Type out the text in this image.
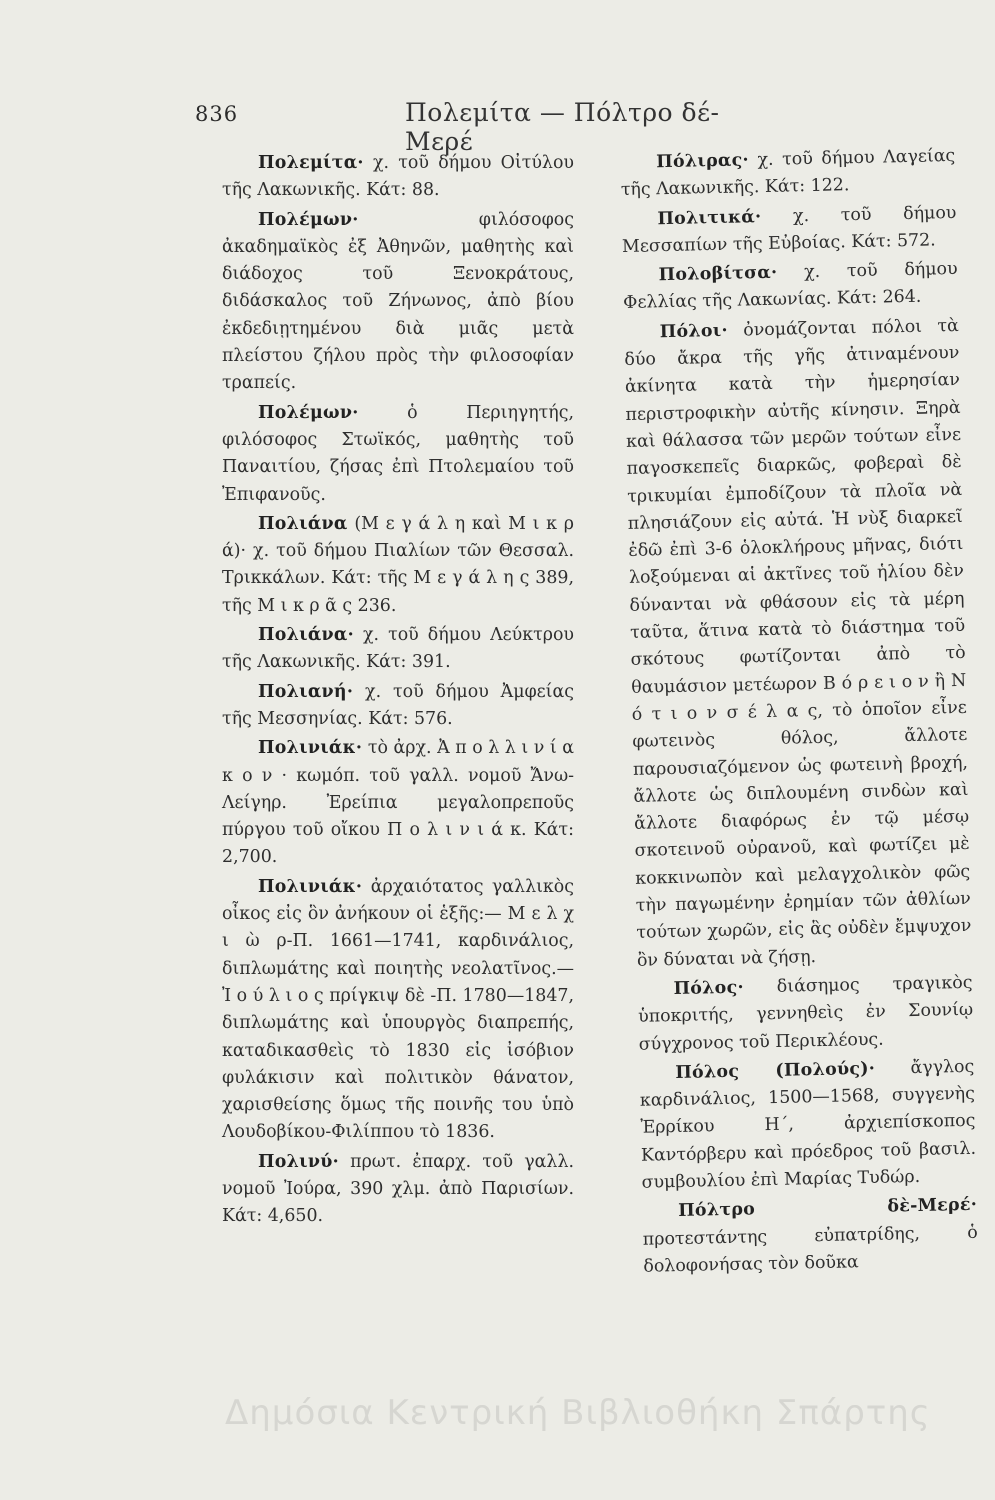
836	Πολεμίτα — Πόλτρο δέ-Μερέ

Πολεμίτα· χ. τοῦ δήμου Οἰτύλου τῆς Λακωνικῆς. Κάτ: 88.

Πολέμων· φιλόσοφος ἀκαδημαϊκὸς ἐξ Ἀθηνῶν, μαθητὴς καὶ διάδοχος τοῦ Ξενοκράτους, διδάσκαλος τοῦ Ζήνωνος, ἀπὸ βίου ἐκδεδιῃτημένου διὰ μιᾶς μετὰ πλείστου ζήλου πρὸς τὴν φιλοσοφίαν τραπείς.

Πολέμων· ὁ Περιηγητής, φιλόσοφος Στωϊκός, μαθητὴς τοῦ Παναιτίου, ζήσας ἐπὶ Πτολεμαίου τοῦ Ἐπιφανοῦς.

Πολιάνα (Μ ε γ ά λ η καὶ Μ ι κ ρ ά)· χ. τοῦ δήμου Πιαλίων τῶν Θεσσαλ. Τρικκάλων. Κάτ: τῆς Μ ε γ ά λ η ς 389, τῆς Μ ι κ ρ ᾶ ς 236.

Πολιάνα· χ. τοῦ δήμου Λεύκτρου τῆς Λακωνικῆς. Κάτ: 391.

Πολιανή· χ. τοῦ δήμου Ἀμφείας τῆς Μεσσηνίας. Κάτ: 576.

Πολινιάκ· τὸ ἀρχ. Ἀ π ο λ λ ι ν ί α κ ο ν · κωμόπ. τοῦ γαλλ. νομοῦ Ἄνω-Λείγηρ. Ἐρείπια μεγαλοπρεποῦς πύργου τοῦ οἴκου Π ο λ ι ν ι ά κ. Κάτ: 2,700.

Πολινιάκ· ἀρχαιότατος γαλλικὸς οἶκος εἰς ὃν ἀνήκουν οἱ ἑξῆς:— Μ ε λ χ ι ὼ ρ-Π. 1661—1741, καρδινάλιος, διπλωμάτης καὶ ποιητὴς νεολατῖνος.—Ἰ ο ύ λ ι ο ς πρίγκιψ δὲ -Π. 1780—1847, διπλωμάτης καὶ ὑπουργὸς διαπρεπής, καταδικασθεὶς τὸ 1830 εἰς ἰσόβιον φυλάκισιν καὶ πολιτικὸν θάνατον, χαρισθείσης ὅμως τῆς ποινῆς του ὑπὸ Λουδοβίκου-Φιλίππου τὸ 1836.

Πολινύ· πρωτ. ἐπαρχ. τοῦ γαλλ. νομοῦ Ἰούρα, 390 χλμ. ἀπὸ Παρισίων. Κάτ: 4,650.

Πόλιρας· χ. τοῦ δήμου Λαγείας τῆς Λακωνικῆς. Κάτ: 122.

Πολιτικά· χ. τοῦ δήμου Μεσσαπίων τῆς Εὐβοίας. Κάτ: 572.

Πολοβίτσα· χ. τοῦ δήμου Φελλίας τῆς Λακωνίας. Κάτ: 264.

Πόλοι· ὀνομάζονται πόλοι τὰ δύο ἄκρα τῆς γῆς ἀτιναμένουν ἀκίνητα κατὰ τὴν ἡμερησίαν περιστροφικὴν αὐτῆς κίνησιν. Ξηρὰ καὶ θάλασσα τῶν μερῶν τούτων εἶνε παγοσκεπεῖς διαρκῶς, φοβεραὶ δὲ τρικυμίαι ἐμποδίζουν τὰ πλοῖα νὰ πλησιάζουν εἰς αὐτά. Ἡ νὺξ διαρκεῖ ἐδῶ ἐπὶ 3-6 ὁλοκλήρους μῆνας, διότι λοξούμεναι αἱ ἀκτῖνες τοῦ ἡλίου δὲν δύνανται νὰ φθάσουν εἰς τὰ μέρη ταῦτα, ἅτινα κατὰ τὸ διάστημα τοῦ σκότους φωτίζονται ἀπὸ τὸ θαυμάσιον μετέωρον Β ό ρ ε ι ο ν ἢ Ν ό τ ι ο ν σ έ λ α ς, τὸ ὁποῖον εἶνε φωτεινὸς θόλος, ἄλλοτε παρουσιαζόμενον ὡς φωτεινὴ βροχή, ἄλλοτε ὡς διπλουμένη σινδὼν καὶ ἄλλοτε διαφόρως ἐν τῷ μέσῳ σκοτεινοῦ οὐρανοῦ, καὶ φωτίζει μὲ κοκκινωπὸν καὶ μελαγχολικὸν φῶς τὴν παγωμένην ἐρημίαν τῶν ἀθλίων τούτων χωρῶν, εἰς ἃς οὐδὲν ἔμψυχον ὂν δύναται νὰ ζήσῃ.

Πόλος· διάσημος τραγικὸς ὑποκριτής, γεννηθεὶς ἐν Σουνίῳ σύγχρονος τοῦ Περικλέους.

Πόλος (Πολούς)· ἄγγλος καρδινάλιος, 1500—1568, συγγενὴς Ἐρρίκου Η΄, ἀρχιεπίσκοπος Καντόρβερυ καὶ πρόεδρος τοῦ βασιλ. συμβουλίου ἐπὶ Μαρίας Τυδώρ.

Πόλτρο δὲ-Μερέ· προτεστάντης εὐπατρίδης, ὁ δολοφονήσας τὸν δοῦκα

Δημόσια Κεντρική Βιβλιοθήκη Σπάρτης
